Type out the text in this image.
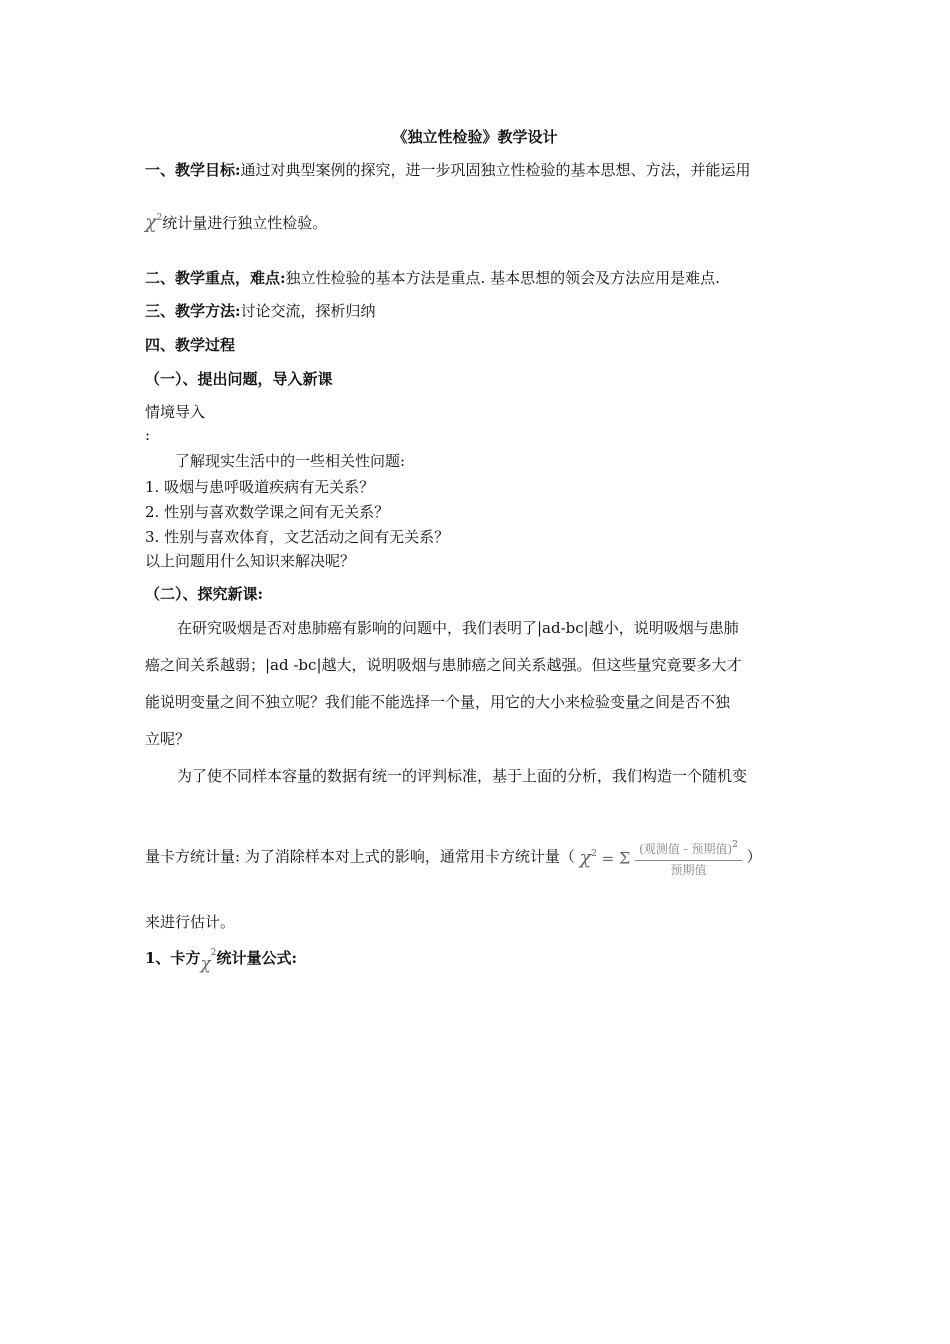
《独立性检验》教学设计
一、教学目标:通过对典型案例的探究，进一步巩固独立性检验的基本思想、方法，并能运用
$\chi^2$统计量进行独立性检验。
二、教学重点，难点:独立性检验的基本方法是重点. 基本思想的领会及方法应用是难点.
三、教学方法:讨论交流，探析归纳
四、教学过程
（一）、提出问题，导入新课
情境导入
:
了解现实生活中的一些相关性问题:
1. 吸烟与患呼吸道疾病有无关系？
2. 性别与喜欢数学课之间有无关系？
3. 性别与喜欢体育，文艺活动之间有无关系？
以上问题用什么知识来解决呢？
（二）、探究新课:
在研究吸烟是否对患肺癌有影响的问题中，我们表明了|ad-bc|越小，说明吸烟与患肺
癌之间关系越弱；|ad -bc|越大，说明吸烟与患肺癌之间关系越强。但这些量究竟要多大才
能说明变量之间不独立呢？我们能不能选择一个量，用它的大小来检验变量之间是否不独
立呢？
为了使不同样本容量的数据有统一的评判标准，基于上面的分析，我们构造一个随机变
量卡方统计量: 为了消除样本对上式的影响，通常用卡方统计量（ $\chi^2 = \Sigma \frac{(观测值 - 预期值)^2}{\text{预期值}}$ ）
来进行估计。
1、卡方$\chi^2$统计量公式:
